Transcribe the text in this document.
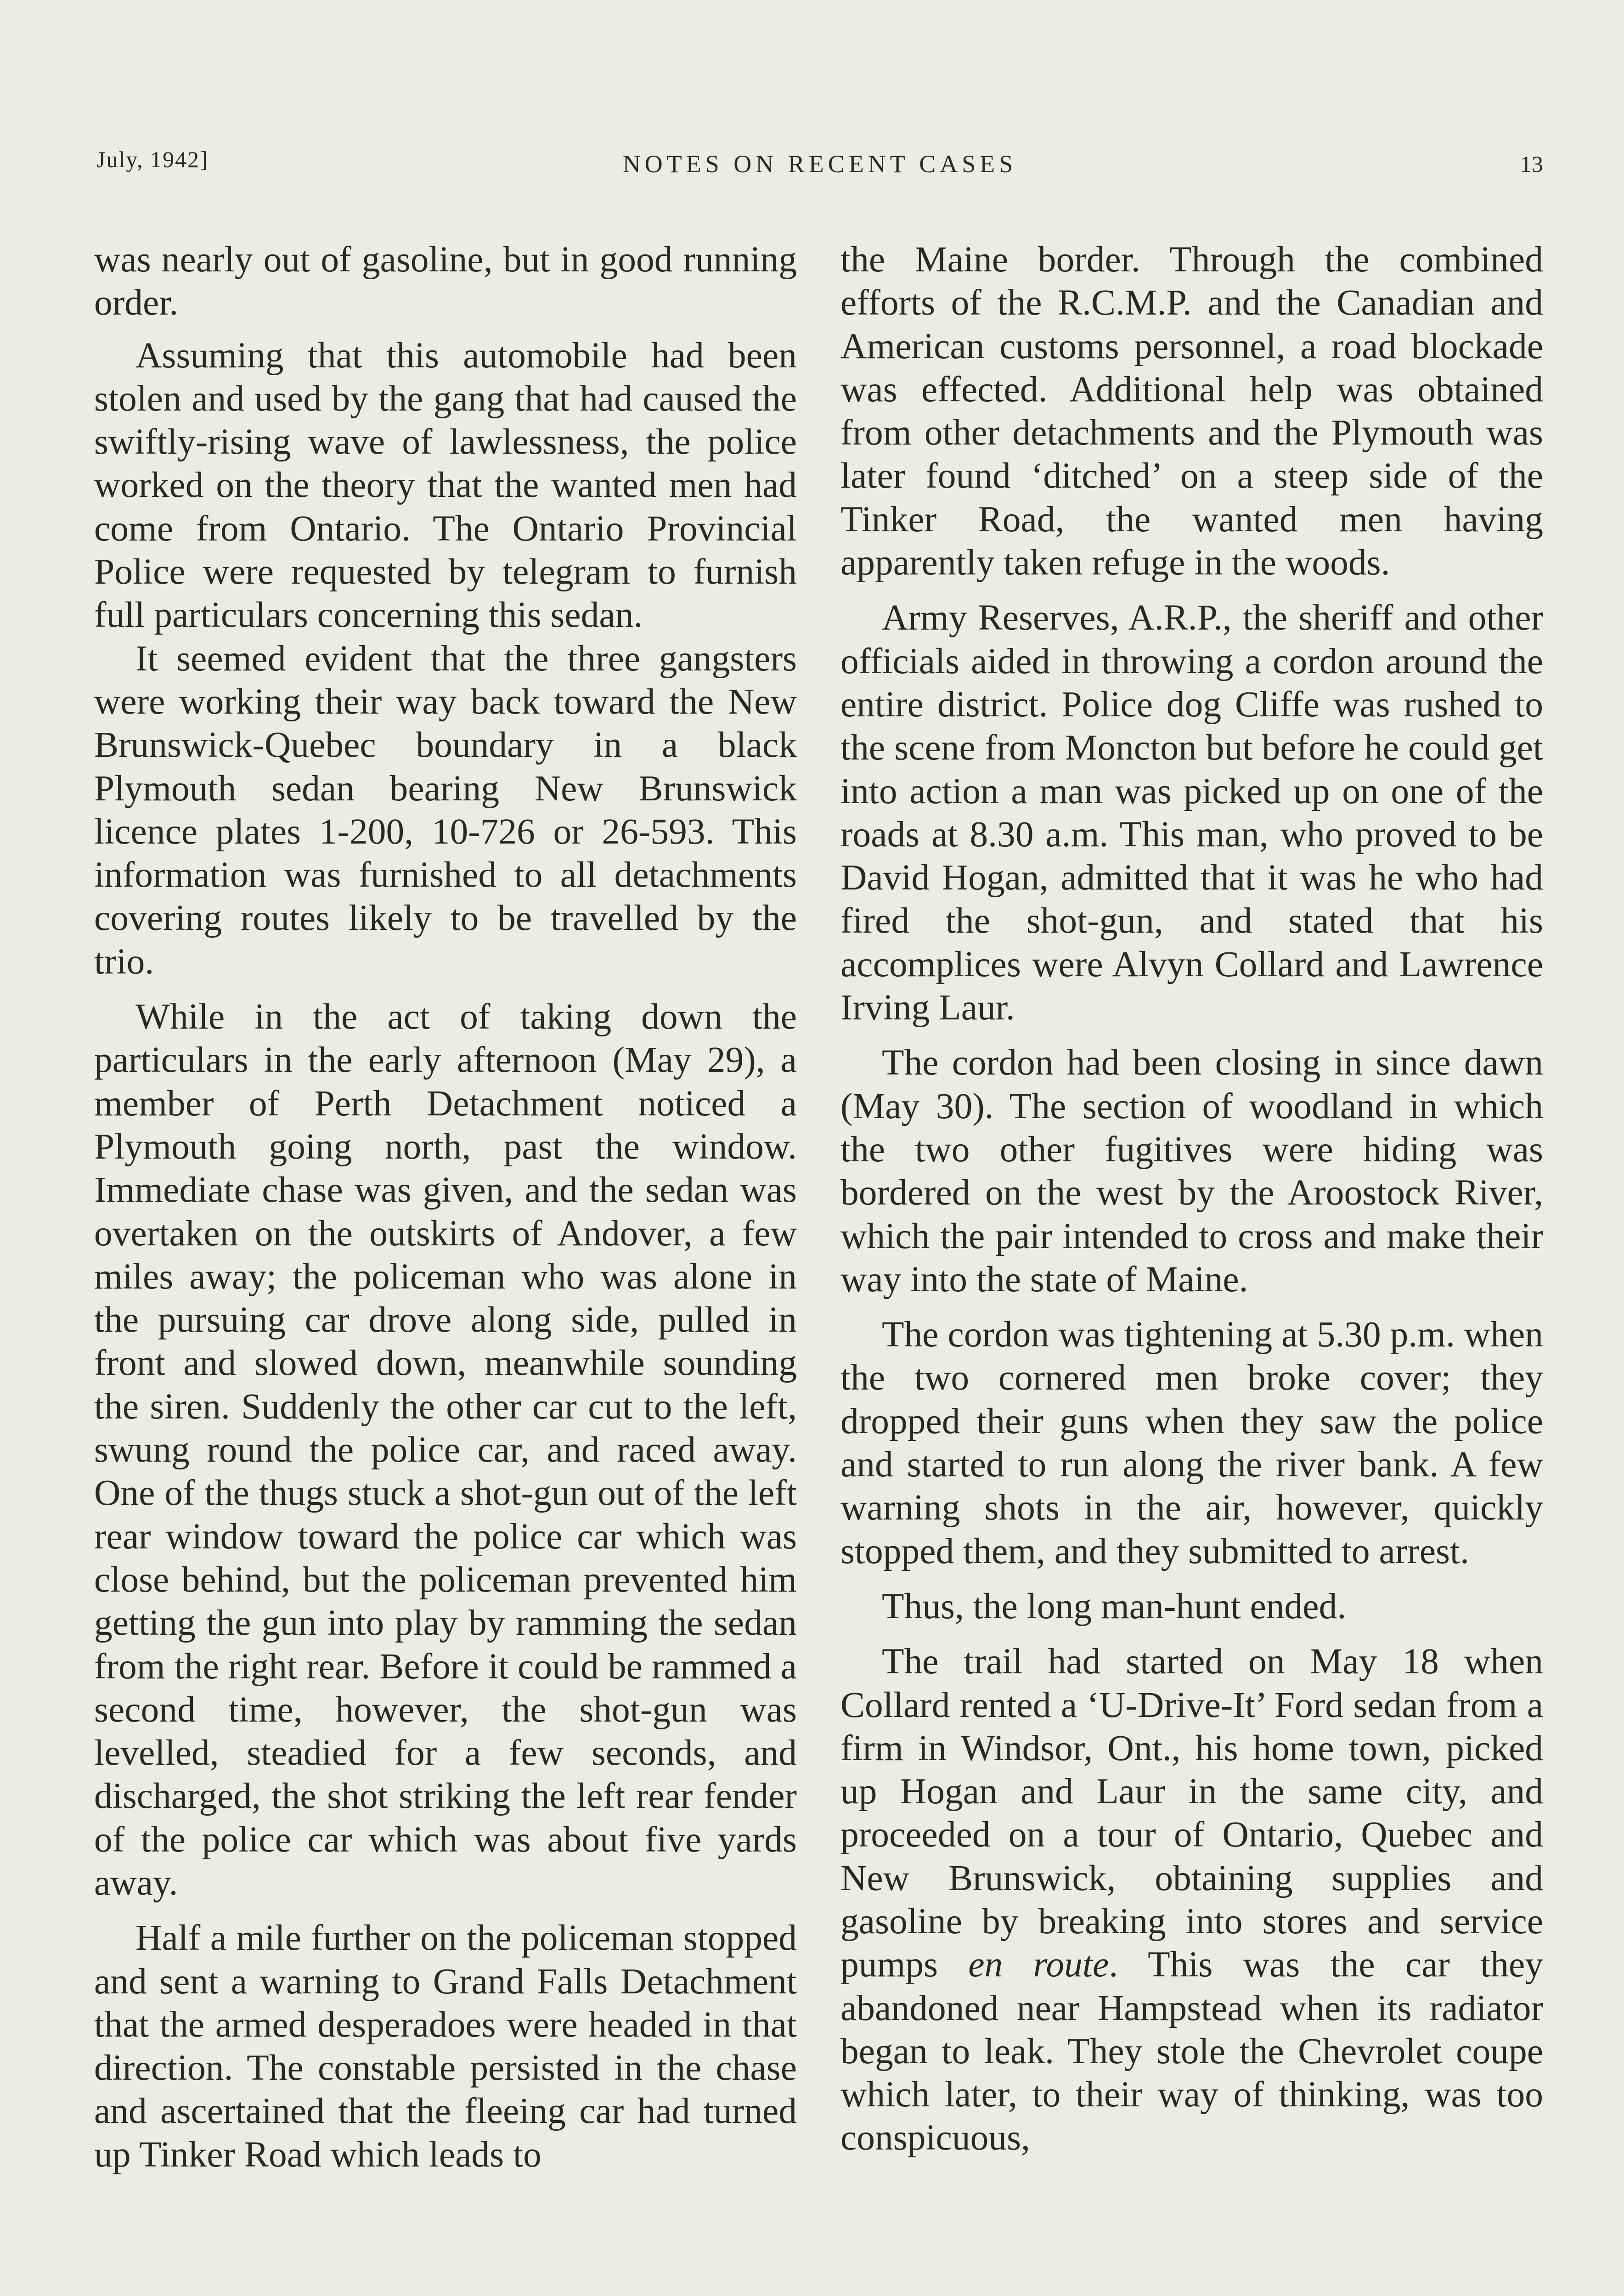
July, 1942]	NOTES ON RECENT CASES	13

was nearly out of gasoline, but in good running order.

Assuming that this automobile had been stolen and used by the gang that had caused the swiftly-rising wave of lawlessness, the police worked on the theory that the wanted men had come from Ontario. The Ontario Provincial Police were requested by telegram to furnish full particulars concerning this sedan.

It seemed evident that the three gangsters were working their way back toward the New Brunswick-Quebec boundary in a black Plymouth sedan bearing New Brunswick licence plates 1-200, 10-726 or 26-593. This information was furnished to all detachments covering routes likely to be travelled by the trio.

While in the act of taking down the particulars in the early afternoon (May 29), a member of Perth Detachment noticed a Plymouth going north, past the window. Immediate chase was given, and the sedan was overtaken on the outskirts of Andover, a few miles away; the policeman who was alone in the pursuing car drove along side, pulled in front and slowed down, meanwhile sounding the siren. Suddenly the other car cut to the left, swung round the police car, and raced away. One of the thugs stuck a shot-gun out of the left rear window toward the police car which was close behind, but the policeman prevented him getting the gun into play by ramming the sedan from the right rear. Before it could be rammed a second time, however, the shot-gun was levelled, steadied for a few seconds, and discharged, the shot striking the left rear fender of the police car which was about five yards away.

Half a mile further on the policeman stopped and sent a warning to Grand Falls Detachment that the armed desperadoes were headed in that direction. The constable persisted in the chase and ascertained that the fleeing car had turned up Tinker Road which leads to

the Maine border. Through the combined efforts of the R.C.M.P. and the Canadian and American customs personnel, a road blockade was effected. Additional help was obtained from other detachments and the Plymouth was later found ‘ditched’ on a steep side of the Tinker Road, the wanted men having apparently taken refuge in the woods.

Army Reserves, A.R.P., the sheriff and other officials aided in throwing a cordon around the entire district. Police dog Cliffe was rushed to the scene from Moncton but before he could get into action a man was picked up on one of the roads at 8.30 a.m. This man, who proved to be David Hogan, admitted that it was he who had fired the shot-gun, and stated that his accomplices were Alvyn Collard and Lawrence Irving Laur.

The cordon had been closing in since dawn (May 30). The section of woodland in which the two other fugitives were hiding was bordered on the west by the Aroostock River, which the pair intended to cross and make their way into the state of Maine.

The cordon was tightening at 5.30 p.m. when the two cornered men broke cover; they dropped their guns when they saw the police and started to run along the river bank. A few warning shots in the air, however, quickly stopped them, and they submitted to arrest.

Thus, the long man-hunt ended.

The trail had started on May 18 when Collard rented a ‘U-Drive-It’ Ford sedan from a firm in Windsor, Ont., his home town, picked up Hogan and Laur in the same city, and proceeded on a tour of Ontario, Quebec and New Brunswick, obtaining supplies and gasoline by breaking into stores and service pumps en route. This was the car they abandoned near Hampstead when its radiator began to leak. They stole the Chevrolet coupe which later, to their way of thinking, was too conspicuous,
